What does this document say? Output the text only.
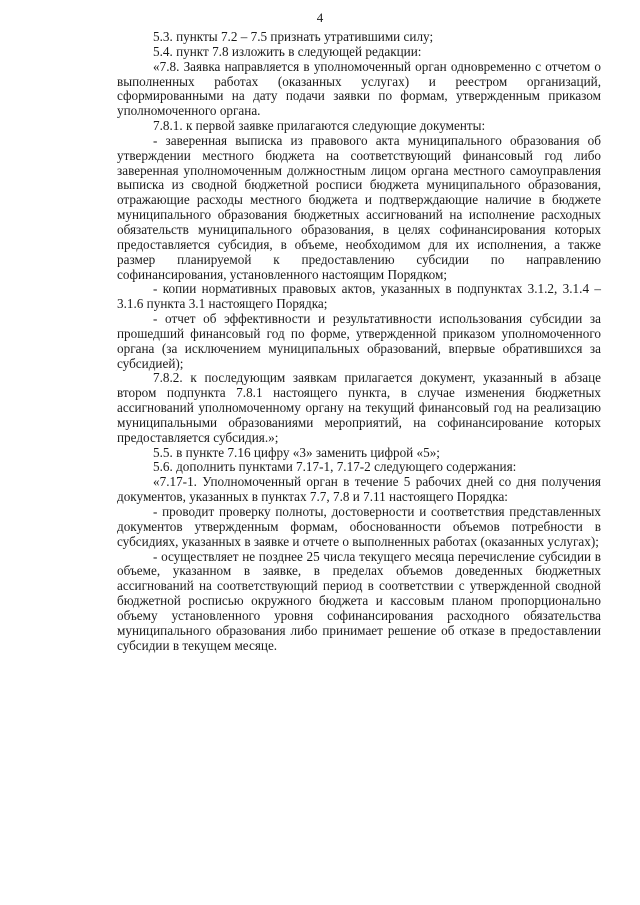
4

5.3. пункты 7.2 – 7.5 признать утратившими силу;

5.4. пункт 7.8 изложить в следующей редакции:

«7.8. Заявка направляется в уполномоченный орган одновременно с отчетом о выполненных работах (оказанных услугах) и реестром организаций, сформированными на дату подачи заявки по формам, утвержденным приказом уполномоченного органа.

7.8.1. к первой заявке прилагаются следующие документы:

- заверенная выписка из правового акта муниципального образования об утверждении местного бюджета на соответствующий финансовый год либо заверенная уполномоченным должностным лицом органа местного самоуправления выписка из сводной бюджетной росписи бюджета муниципального образования, отражающие расходы местного бюджета и подтверждающие наличие в бюджете муниципального образования бюджетных ассигнований на исполнение расходных обязательств муниципального образования, в целях софинансирования которых предоставляется субсидия, в объеме, необходимом для их исполнения, а также размер планируемой к предоставлению субсидии по направлению софинансирования, установленного настоящим Порядком;

- копии нормативных правовых актов, указанных в подпунктах 3.1.2, 3.1.4 – 3.1.6 пункта 3.1 настоящего Порядка;

- отчет об эффективности и результативности использования субсидии за прошедший финансовый год по форме, утвержденной приказом уполномоченного органа (за исключением муниципальных образований, впервые обратившихся за субсидией);

7.8.2. к последующим заявкам прилагается документ, указанный в абзаце втором подпункта 7.8.1 настоящего пункта, в случае изменения бюджетных ассигнований уполномоченному органу на текущий финансовый год на реализацию муниципальными образованиями мероприятий, на софинансирование которых предоставляется субсидия.»;

5.5. в пункте 7.16 цифру «3» заменить цифрой «5»;

5.6. дополнить пунктами 7.17-1, 7.17-2 следующего содержания:

«7.17-1. Уполномоченный орган в течение 5 рабочих дней со дня получения документов, указанных в пунктах 7.7, 7.8 и 7.11 настоящего Порядка:

- проводит проверку полноты, достоверности и соответствия представленных документов утвержденным формам, обоснованности объемов потребности в субсидиях, указанных в заявке и отчете о выполненных работах (оказанных услугах);

- осуществляет не позднее 25 числа текущего месяца перечисление субсидии в объеме, указанном в заявке, в пределах объемов доведенных бюджетных ассигнований на соответствующий период в соответствии с утвержденной сводной бюджетной росписью окружного бюджета и кассовым планом пропорционально объему установленного уровня софинансирования расходного обязательства муниципального образования либо принимает решение об отказе в предоставлении субсидии в текущем месяце.
